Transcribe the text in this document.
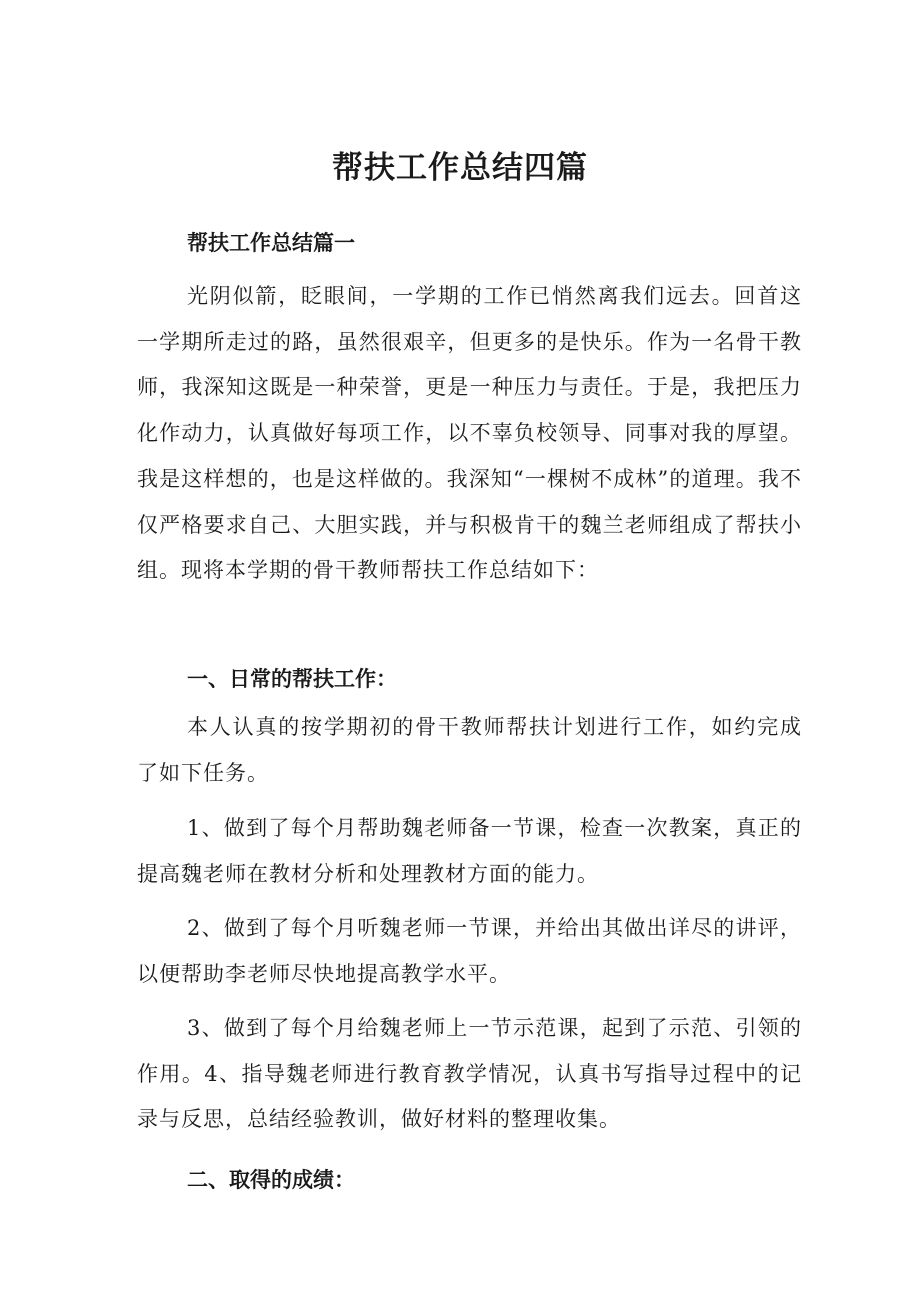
帮扶工作总结四篇
帮扶工作总结篇一

光阴似箭，眨眼间，一学期的工作已悄然离我们远去。回首这一学期所走过的路，虽然很艰辛，但更多的是快乐。作为一名骨干教师，我深知这既是一种荣誉，更是一种压力与责任。于是，我把压力化作动力，认真做好每项工作，以不辜负校领导、同事对我的厚望。我是这样想的，也是这样做的。我深知“一棵树不成林”的道理。我不仅严格要求自己、大胆实践，并与积极肯干的魏兰老师组成了帮扶小组。现将本学期的骨干教师帮扶工作总结如下：

一、日常的帮扶工作：

本人认真的按学期初的骨干教师帮扶计划进行工作，如约完成了如下任务。

1、做到了每个月帮助魏老师备一节课，检查一次教案，真正的提高魏老师在教材分析和处理教材方面的能力。

2、做到了每个月听魏老师一节课，并给出其做出详尽的讲评，以便帮助李老师尽快地提高教学水平。

3、做到了每个月给魏老师上一节示范课，起到了示范、引领的作用。4、指导魏老师进行教育教学情况，认真书写指导过程中的记录与反思，总结经验教训，做好材料的整理收集。

二、取得的成绩：
